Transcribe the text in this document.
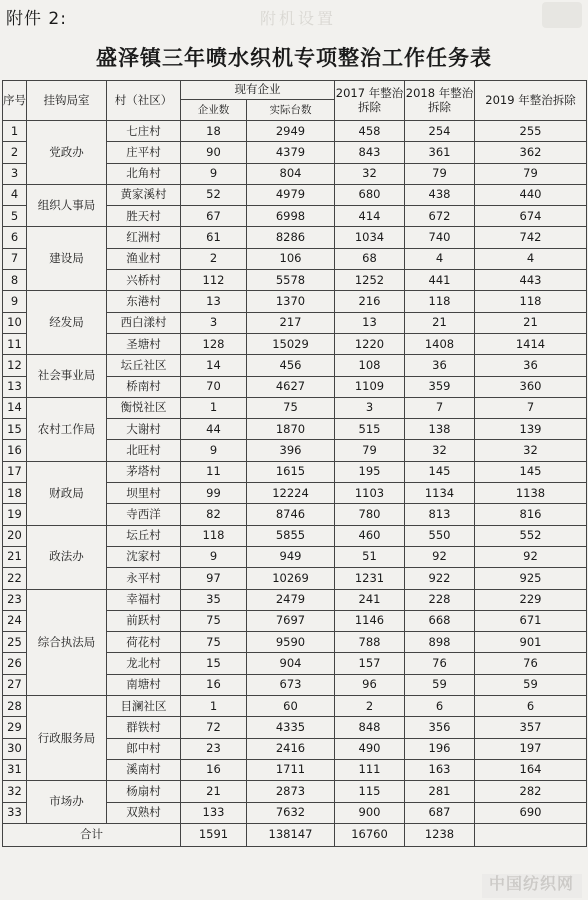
附件 2:	附机设置
盛泽镇三年喷水织机专项整治工作任务表
序号	挂钩局室	村（社区）	现有企业		2017 年整治拆除	2018 年整治拆除	2019 年整治拆除
			企业数	实际台数			
1	党政办	七庄村	18	2949	458	254	255
2		庄平村	90	4379	843	361	362
3		北角村	9	804	32	79	79
4	组织人事局	黄家溪村	52	4979	680	438	440
5		胜天村	67	6998	414	672	674
6	建设局	红洲村	61	8286	1034	740	742
7		渔业村	2	106	68	4	4
8		兴桥村	112	5578	1252	441	443
9	经发局	东港村	13	1370	216	118	118
10		西白漾村	3	217	13	21	21
11		圣塘村	128	15029	1220	1408	1414
12	社会事业局	坛丘社区	14	456	108	36	36
13		桥南村	70	4627	1109	359	360
14	农村工作局	衡悦社区	1	75	3	7	7
15		大谢村	44	1870	515	138	139
16		北旺村	9	396	79	32	32
17	财政局	茅塔村	11	1615	195	145	145
18		坝里村	99	12224	1103	1134	1138
19		寺西洋	82	8746	780	813	816
20	政法办	坛丘村	118	5855	460	550	552
21		沈家村	9	949	51	92	92
22		永平村	97	10269	1231	922	925
23	综合执法局	幸福村	35	2479	241	228	229
24		前跃村	75	7697	1146	668	671
25		荷花村	75	9590	788	898	901
26		龙北村	15	904	157	76	76
27		南塘村	16	673	96	59	59
28	行政服务局	目澜社区	1	60	2	6	6
29		群铁村	72	4335	848	356	357
30		郎中村	23	2416	490	196	197
31		溪南村	16	1711	111	163	164
32	市场办	杨扇村	21	2873	115	281	282
33		双熟村	133	7632	900	687	690
合计			1591	138147	16760	1238	
中国纺织网
